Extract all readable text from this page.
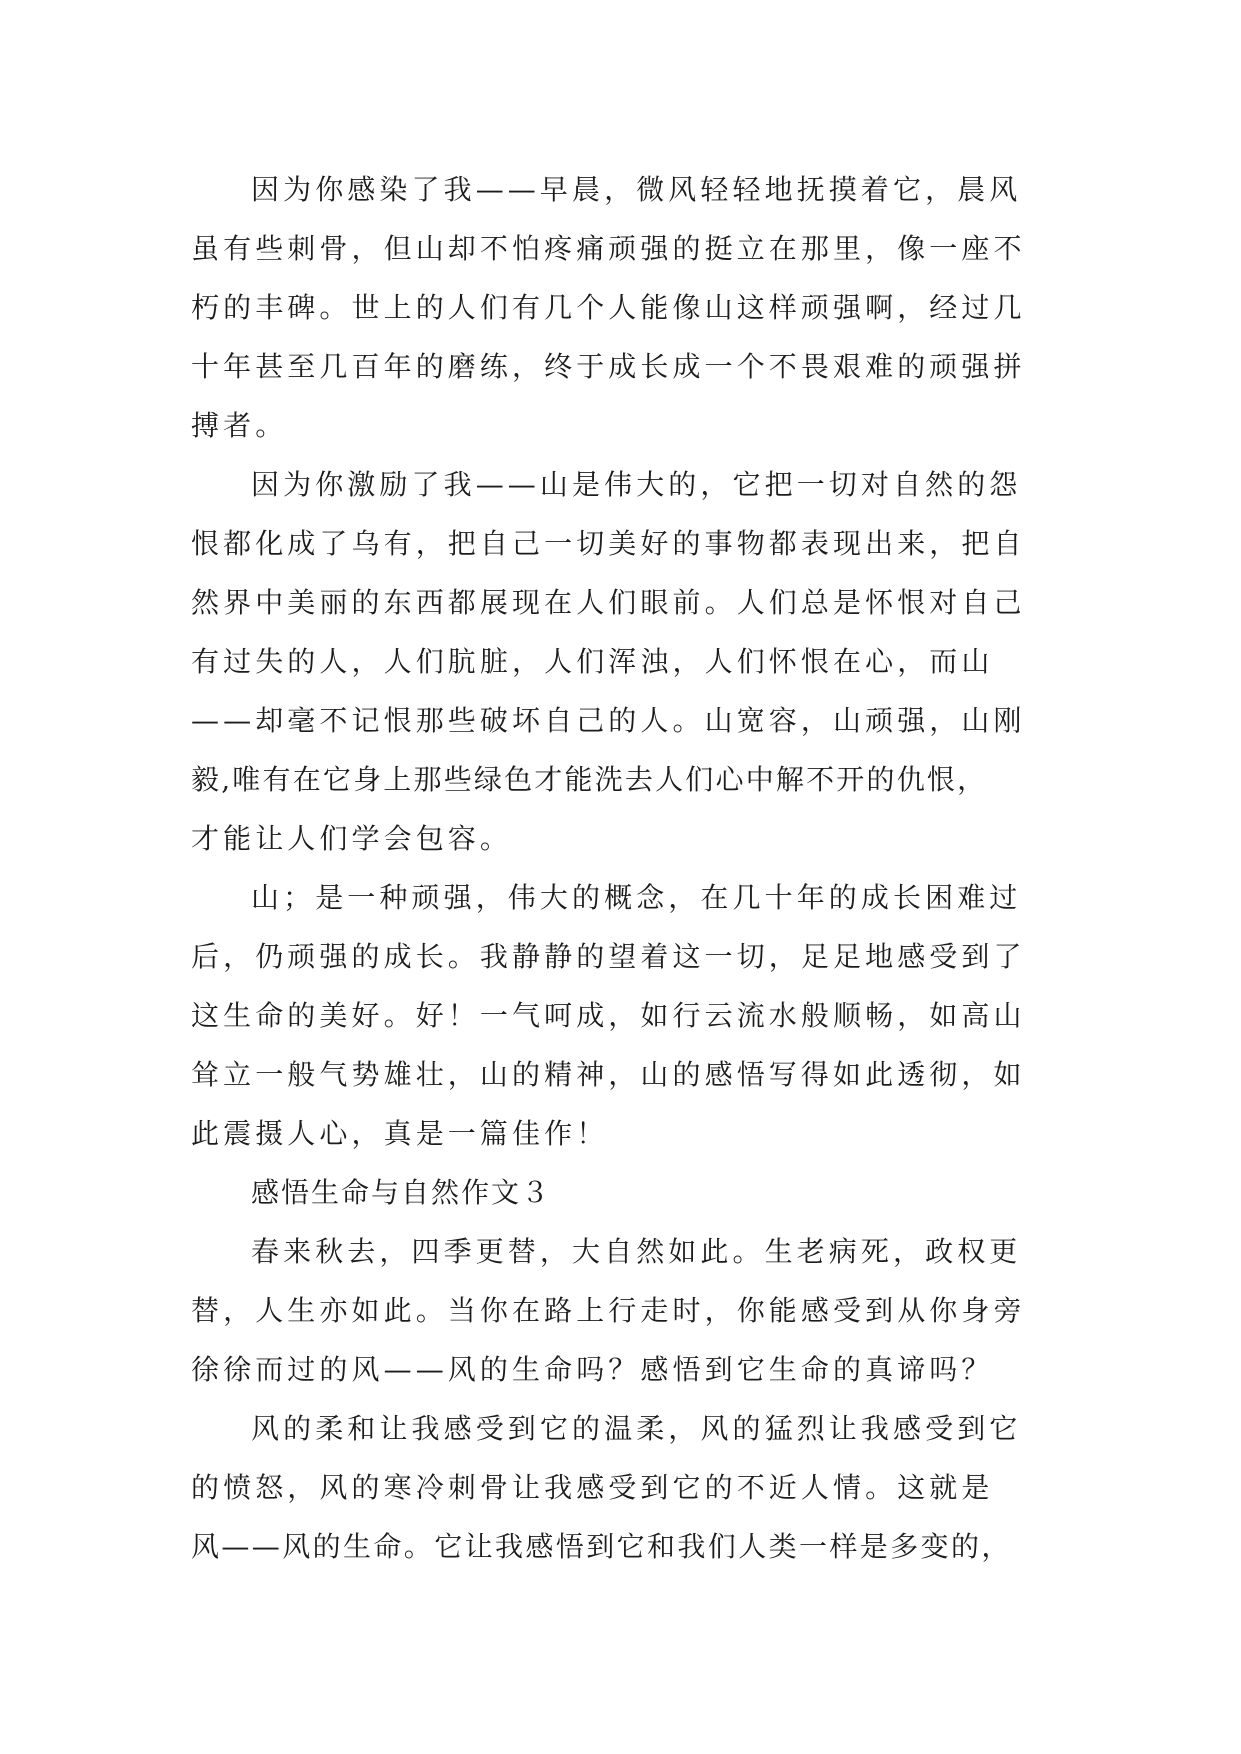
因为你感染了我——早晨，微风轻轻地抚摸着它，晨风
虽有些刺骨，但山却不怕疼痛顽强的挺立在那里，像一座不
朽的丰碑。世上的人们有几个人能像山这样顽强啊，经过几
十年甚至几百年的磨练，终于成长成一个不畏艰难的顽强拼
搏者。

因为你激励了我——山是伟大的，它把一切对自然的怨
恨都化成了乌有，把自己一切美好的事物都表现出来，把自
然界中美丽的东西都展现在人们眼前。人们总是怀恨对自己
有过失的人，人们肮脏，人们浑浊，人们怀恨在心，而山
——却毫不记恨那些破坏自己的人。山宽容，山顽强，山刚
毅,唯有在它身上那些绿色才能洗去人们心中解不开的仇恨，
才能让人们学会包容。

山；是一种顽强，伟大的概念，在几十年的成长困难过
后，仍顽强的成长。我静静的望着这一切，足足地感受到了
这生命的美好。好！一气呵成，如行云流水般顺畅，如高山
耸立一般气势雄壮，山的精神，山的感悟写得如此透彻，如
此震摄人心，真是一篇佳作！

感悟生命与自然作文３

春来秋去，四季更替，大自然如此。生老病死，政权更
替，人生亦如此。当你在路上行走时，你能感受到从你身旁
徐徐而过的风——风的生命吗？感悟到它生命的真谛吗？

风的柔和让我感受到它的温柔，风的猛烈让我感受到它
的愤怒，风的寒冷刺骨让我感受到它的不近人情。这就是
风——风的生命。它让我感悟到它和我们人类一样是多变的，
